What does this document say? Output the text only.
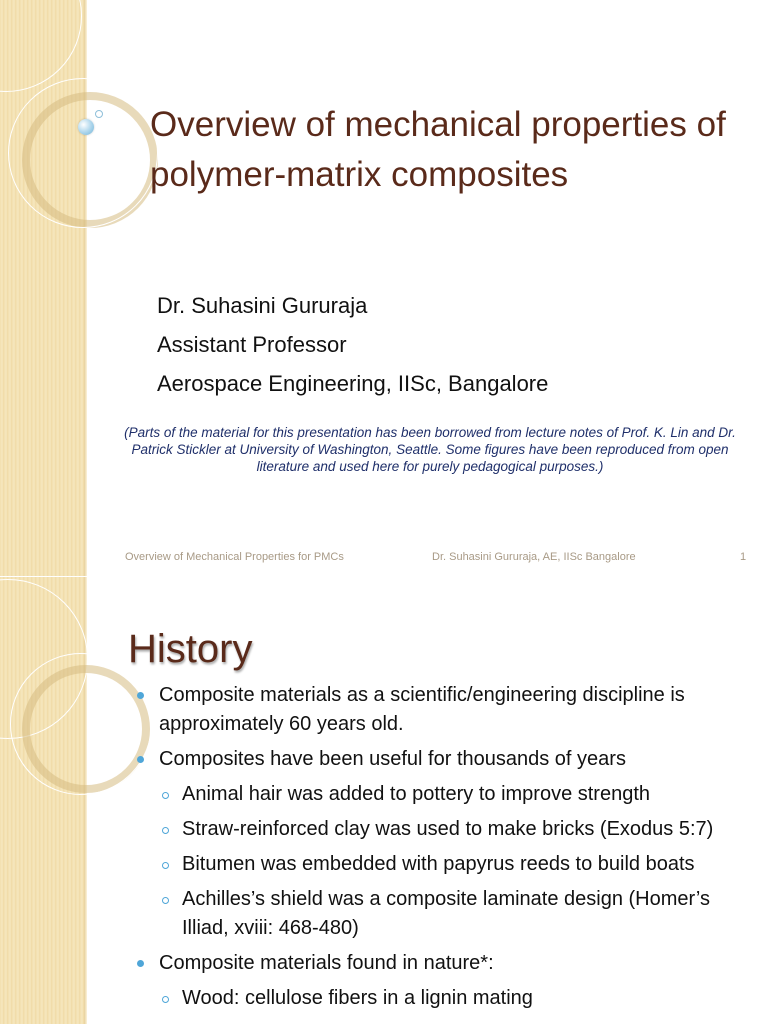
Overview of mechanical properties of polymer-matrix composites
Dr. Suhasini Gururaja
Assistant Professor
Aerospace Engineering, IISc, Bangalore
(Parts of the material for this presentation has been borrowed from lecture notes of Prof. K. Lin and Dr. Patrick Stickler at University of Washington, Seattle. Some figures have been reproduced from open literature and used here for purely pedagogical purposes.)
Overview of Mechanical Properties for PMCs	Dr. Suhasini Gururaja, AE, IISc Bangalore	1
History
Composite materials as a scientific/engineering discipline is approximately 60 years old.
Composites have been useful for thousands of years
Animal hair was added to pottery to improve strength
Straw-reinforced clay was used to make bricks (Exodus 5:7)
Bitumen was embedded with papyrus reeds to build boats
Achilles’s shield was a composite laminate design (Homer’s Illiad, xviii: 468-480)
Composite materials found in nature*:
Wood: cellulose fibers in a lignin mating
